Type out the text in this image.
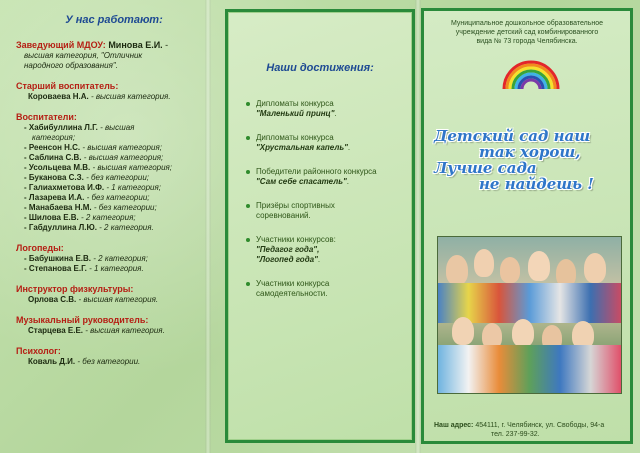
У нас работают:
Заведующий МДОУ: Минова Е.И. -
высшая категория, "Отличник
народного образования".
Старший воспитатель:
Короваева Н.А. - высшая категория.
Воспитатели:
- Хабибуллина Л.Г. - высшая
категория;
- Реенсон Н.С. - высшая категория;
- Саблина С.В. - высшая категория;
- Усольцева М.В. - высшая категория;
- Буканова С.З. - без категории;
- Галиахметова И.Ф. - 1 категория;
- Лазарева И.А. - без категории;
- Манабаева Н.М. - без категории;
- Шилова Е.В. - 2 категория;
- Габдуллина Л.Ю. - 2 категория.
Логопеды:
- Бабушкина Е.В. - 2 категория;
- Степанова Е.Г. - 1 категория.
Инструктор физкультуры:
Орлова С.В. - высшая категория.
Музыкальный руководитель:
Старцева Е.Е. - высшая категория.
Психолог:
Коваль Д.И. - без категории.
Наши достижения:
Дипломаты конкурса
"Маленький принц".
Дипломаты конкурса
"Хрустальная капель".
Победители районного конкурса
"Сам себе спасатель".
Призёры спортивных
соревнований.
Участники конкурсов:
"Педагог года",
"Логопед года".
Участники конкурса
самодеятельности.
Муниципальное дошкольное образовательное
учреждение детский сад комбинированного
вида № 73 города Челябинска.
Детский сад наш
так хорош,
Лучше сада
не найдешь !
Наш адрес: 454111, г. Челябинск, ул. Свободы, 94-а
тел. 237-99-32.
